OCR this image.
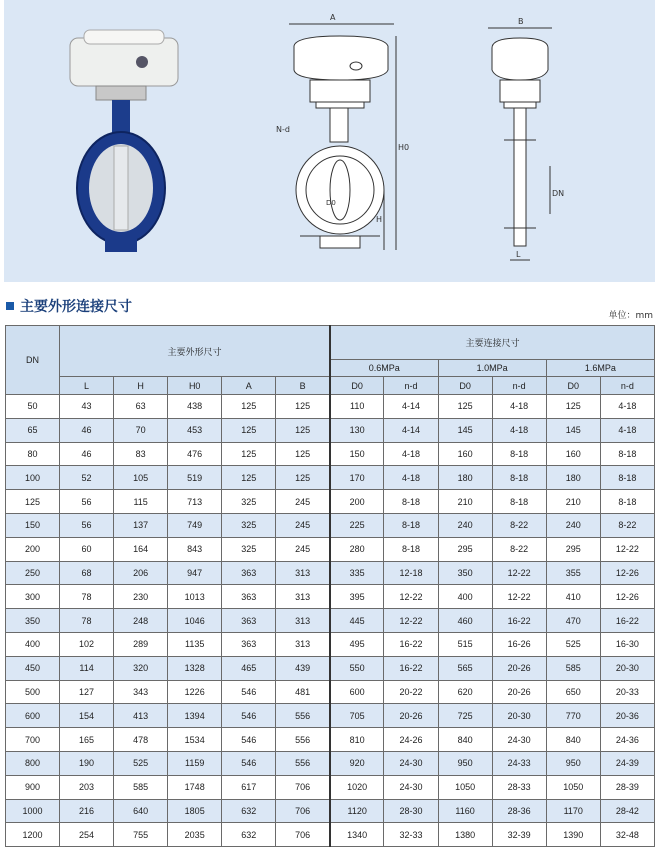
A
H0
H
N-d
D0
B
DN
L
主要外形连接尺寸
单位：mm
DN	主要外形尺寸					主要连接尺寸					
						0.6MPa		1.0MPa		1.6MPa	
	L	H	H0	A	B	D0	n-d	D0	n-d	D0	n-d
50	43	63	438	125	125	110	4-14	125	4-18	125	4-18
65	46	70	453	125	125	130	4-14	145	4-18	145	4-18
80	46	83	476	125	125	150	4-18	160	8-18	160	8-18
100	52	105	519	125	125	170	4-18	180	8-18	180	8-18
125	56	115	713	325	245	200	8-18	210	8-18	210	8-18
150	56	137	749	325	245	225	8-18	240	8-22	240	8-22
200	60	164	843	325	245	280	8-18	295	8-22	295	12-22
250	68	206	947	363	313	335	12-18	350	12-22	355	12-26
300	78	230	1013	363	313	395	12-22	400	12-22	410	12-26
350	78	248	1046	363	313	445	12-22	460	16-22	470	16-22
400	102	289	1135	363	313	495	16-22	515	16-26	525	16-30
450	114	320	1328	465	439	550	16-22	565	20-26	585	20-30
500	127	343	1226	546	481	600	20-22	620	20-26	650	20-33
600	154	413	1394	546	556	705	20-26	725	20-30	770	20-36
700	165	478	1534	546	556	810	24-26	840	24-30	840	24-36
800	190	525	1159	546	556	920	24-30	950	24-33	950	24-39
900	203	585	1748	617	706	1020	24-30	1050	28-33	1050	28-39
1000	216	640	1805	632	706	1120	28-30	1160	28-36	1170	28-42
1200	254	755	2035	632	706	1340	32-33	1380	32-39	1390	32-48
